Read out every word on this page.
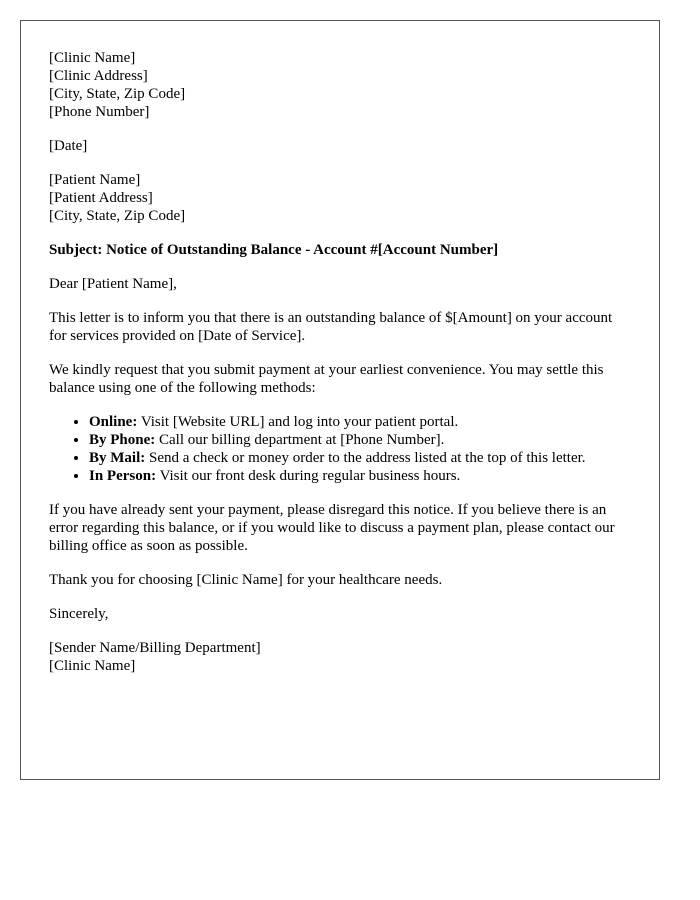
[Clinic Name]
[Clinic Address]
[City, State, Zip Code]
[Phone Number]

[Date]

[Patient Name]
[Patient Address]
[City, State, Zip Code]

Subject: Notice of Outstanding Balance - Account #[Account Number]

Dear [Patient Name],

This letter is to inform you that there is an outstanding balance of $[Amount] on your account for services provided on [Date of Service].

We kindly request that you submit payment at your earliest convenience. You may settle this balance using one of the following methods:

• Online: Visit [Website URL] and log into your patient portal.
• By Phone: Call our billing department at [Phone Number].
• By Mail: Send a check or money order to the address listed at the top of this letter.
• In Person: Visit our front desk during regular business hours.

If you have already sent your payment, please disregard this notice. If you believe there is an error regarding this balance, or if you would like to discuss a payment plan, please contact our billing office as soon as possible.

Thank you for choosing [Clinic Name] for your healthcare needs.

Sincerely,

[Sender Name/Billing Department]
[Clinic Name]
